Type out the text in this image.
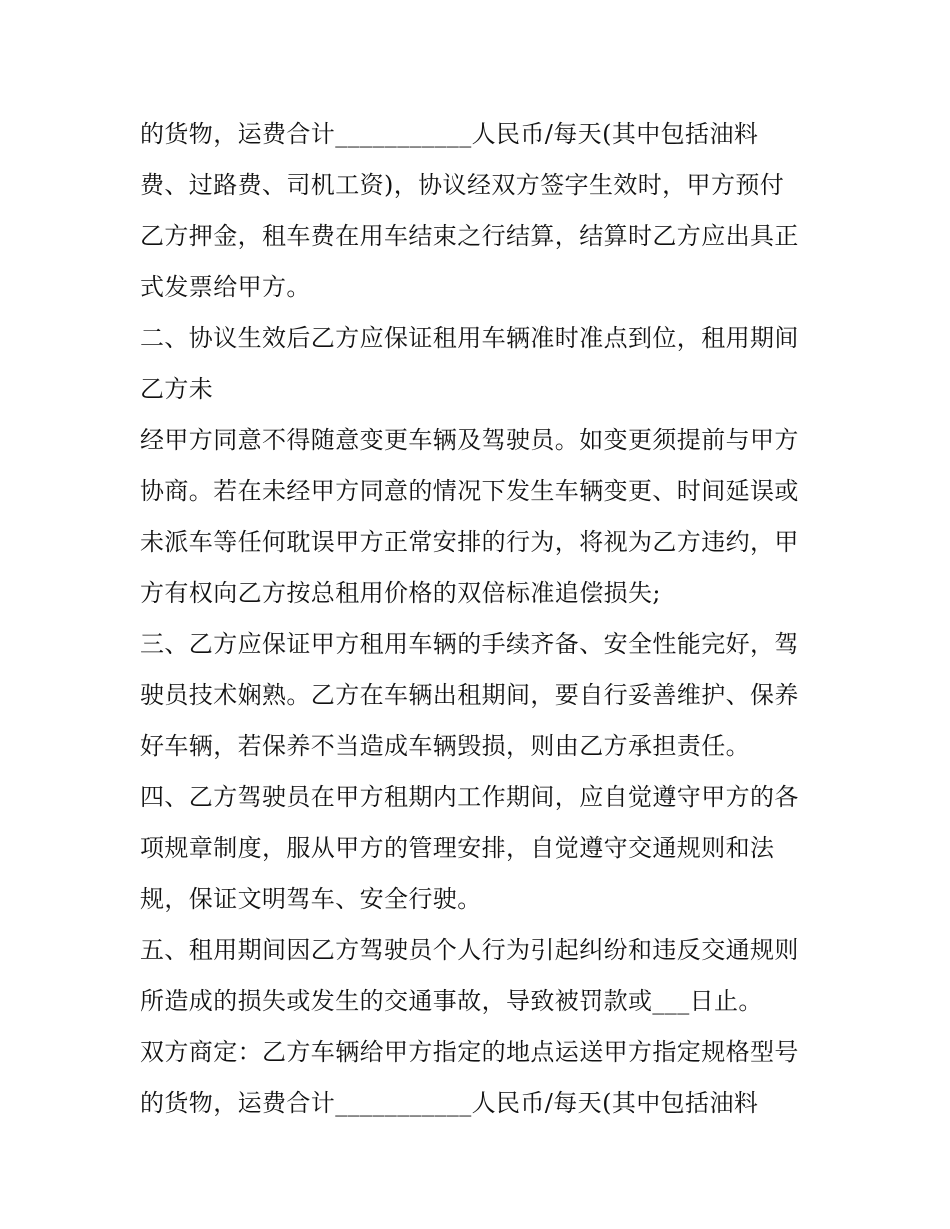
的货物，运费合计___________人民币/每天(其中包括油料
费、过路费、司机工资)，协议经双方签字生效时，甲方预付
乙方押金，租车费在用车结束之行结算，结算时乙方应出具正
式发票给甲方。
二、协议生效后乙方应保证租用车辆准时准点到位，租用期间
乙方未
经甲方同意不得随意变更车辆及驾驶员。如变更须提前与甲方
协商。若在未经甲方同意的情况下发生车辆变更、时间延误或
未派车等任何耽误甲方正常安排的行为，将视为乙方违约，甲
方有权向乙方按总租用价格的双倍标准追偿损失;
三、乙方应保证甲方租用车辆的手续齐备、安全性能完好，驾
驶员技术娴熟。乙方在车辆出租期间，要自行妥善维护、保养
好车辆，若保养不当造成车辆毁损，则由乙方承担责任。
四、乙方驾驶员在甲方租期内工作期间，应自觉遵守甲方的各
项规章制度，服从甲方的管理安排，自觉遵守交通规则和法
规，保证文明驾车、安全行驶。
五、租用期间因乙方驾驶员个人行为引起纠纷和违反交通规则
所造成的损失或发生的交通事故，导致被罚款或___日止。
双方商定：乙方车辆给甲方指定的地点运送甲方指定规格型号
的货物，运费合计___________人民币/每天(其中包括油料
